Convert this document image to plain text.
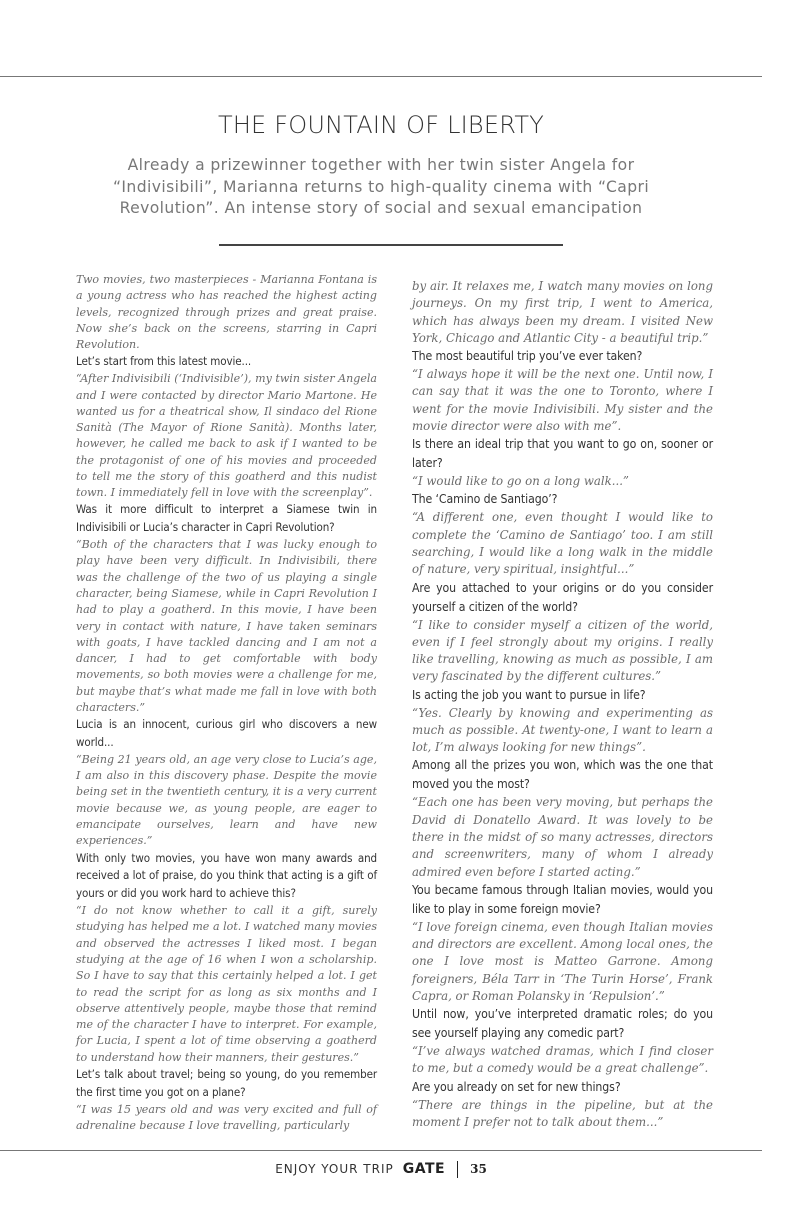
THE FOUNTAIN OF LIBERTY
Already a prizewinner together with her twin sister Angela for “Indivisibili”, Marianna returns to high-quality cinema with “Capri Revolution”. An intense story of social and sexual emancipation

Two movies, two masterpieces - Marianna Fontana is a young actress who has reached the highest acting levels, recognized through prizes and great praise. Now she’s back on the screens, starring in Capri Revolution.

Let’s start from this latest movie...

“After Indivisibili (‘Indivisible’), my twin sister Angela and I were contacted by director Mario Martone. He wanted us for a theatrical show, Il sindaco del Rione Sanità (The Mayor of Rione Sanità). Months later, however, he called me back to ask if I wanted to be the protagonist of one of his movies and proceeded to tell me the story of this goatherd and this nudist town. I immediately fell in love with the screenplay”.

Was it more difficult to interpret a Siamese twin in Indivisibili or Lucia’s character in Capri Revolution?

“Both of the characters that I was lucky enough to play have been very difficult. In Indivisibili, there was the challenge of the two of us playing a single character, being Siamese, while in Capri Revolution I had to play a goatherd. In this movie, I have been very in contact with nature, I have taken seminars with goats, I have tackled dancing and I am not a dancer, I had to get comfortable with body movements, so both movies were a challenge for me, but maybe that’s what made me fall in love with both characters.”

Lucia is an innocent, curious girl who discovers a new world...

“Being 21 years old, an age very close to Lucia’s age, I am also in this discovery phase. Despite the movie being set in the twentieth century, it is a very current movie because we, as young people, are eager to emancipate ourselves, learn and have new experiences.”

With only two movies, you have won many awards and received a lot of praise, do you think that acting is a gift of yours or did you work hard to achieve this?

“I do not know whether to call it a gift, surely studying has helped me a lot. I watched many movies and observed the actresses I liked most. I began studying at the age of 16 when I won a scholarship. So I have to say that this certainly helped a lot. I get to read the script for as long as six months and I observe attentively people, maybe those that remind me of the character I have to interpret. For example, for Lucia, I spent a lot of time observing a goatherd to understand how their manners, their gestures.”

Let’s talk about travel; being so young, do you remember the first time you got on a plane?

“I was 15 years old and was very excited and full of adrenaline because I love travelling, particularly

by air. It relaxes me, I watch many movies on long journeys. On my first trip, I went to America, which has always been my dream. I visited New York, Chicago and Atlantic City - a beautiful trip.”

The most beautiful trip you’ve ever taken?

“I always hope it will be the next one. Until now, I can say that it was the one to Toronto, where I went for the movie Indivisibili. My sister and the movie director were also with me”.

Is there an ideal trip that you want to go on, sooner or later?

“I would like to go on a long walk...”

The ‘Camino de Santiago’?

“A different one, even thought I would like to complete the ‘Camino de Santiago’ too. I am still searching, I would like a long walk in the middle of nature, very spiritual, insightful...”

Are you attached to your origins or do you consider yourself a citizen of the world?

“I like to consider myself a citizen of the world, even if I feel strongly about my origins. I really like travelling, knowing as much as possible, I am very fascinated by the different cultures.”

Is acting the job you want to pursue in life?

“Yes. Clearly by knowing and experimenting as much as possible. At twenty-one, I want to learn a lot, I’m always looking for new things”.

Among all the prizes you won, which was the one that moved you the most?

“Each one has been very moving, but perhaps the David di Donatello Award. It was lovely to be there in the midst of so many actresses, directors and screenwriters, many of whom I already admired even before I started acting.”

You became famous through Italian movies, would you like to play in some foreign movie?

“I love foreign cinema, even though Italian movies and directors are excellent. Among local ones, the one I love most is Matteo Garrone. Among foreigners, Béla Tarr in ‘The Turin Horse’, Frank Capra, or Roman Polansky in ‘Repulsion’.”

Until now, you’ve interpreted dramatic roles; do you see yourself playing any comedic part?

“I’ve always watched dramas, which I find closer to me, but a comedy would be a great challenge”.

Are you already on set for new things?

“There are things in the pipeline, but at the moment I prefer not to talk about them...”

ENJOY YOUR TRIP GATE 35
